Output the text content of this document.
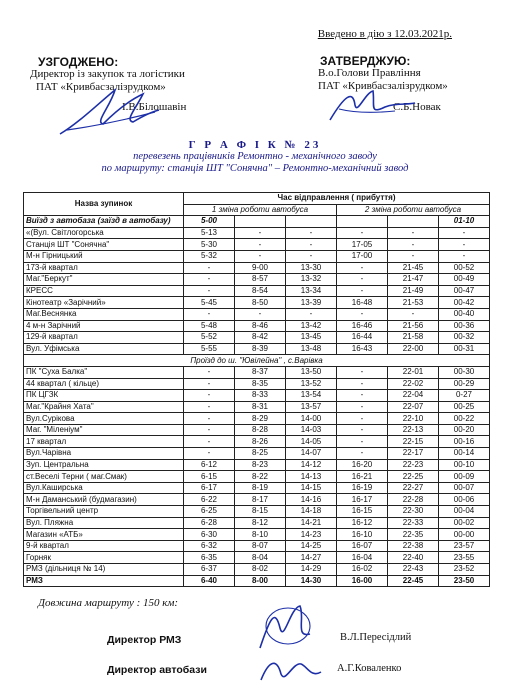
Введено в дію з 12.03.2021р.
УЗГОДЖЕНО:
Директор із закупок та логістики
ПАТ «Кривбасзалізрудком»
І.В.Білошавін
ЗАТВЕРДЖУЮ:
В.о.Голови Правління
ПАТ «Кривбасзалізрудком»
С.Б.Новак
Г Р А Ф І К № 23
перевезень працівників Ремонтно - механічного заводу
по маршруту: станція ШТ "Сонячна" – Ремонтно-механічний завод
Назва зупинок	Час відправлення ( прибуття)					
	1 зміна роботи автобуса			2 зміна роботи автобуса		
Виїзд з автобаза (заїзд в автобазу)	5-00					01-10
«(Вул. Світлогорська	5-13	-	-	-	-	-
Станція ШТ "Сонячна"	5-30	-	-	17-05	-	-
М-н Гірницький	5-32	-	-	17-00	-	-
173-й квартал	-	9-00	13-30	-	21-45	00-52
Маг."Беркут"	-	8-57	13-32	-	21-47	00-49
КРЕСС	-	8-54	13-34	-	21-49	00-47
Кінотеатр «Зарічний»	5-45	8-50	13-39	16-48	21-53	00-42
Маг.Веснянка	-	-	-	-	-	00-40
4 м-н Зарічний	5-48	8-46	13-42	16-46	21-56	00-36
129-й квартал	5-52	8-42	13-45	16-44	21-58	00-32
Вул. Уфімська	5-55	8-39	13-48	16-43	22-00	00-31
Проїзд до ш. "Ювілейна" , с.Варівка						
ПК "Суха Балка"	-	8-37	13-50	-	22-01	00-30
44 квартал ( кільце)	-	8-35	13-52	-	22-02	00-29
ПК ЦГЗК	-	8-33	13-54	-	22-04	0-27
Маг."Крайня Хата"	-	8-31	13-57	-	22-07	00-25
Вул.Сурікова	-	8-29	14-00	-	22-10	00-22
Маг. "Міленіум"	-	8-28	14-03	-	22-13	00-20
17 квартал	-	8-26	14-05	-	22-15	00-16
Вул.Чарівна	-	8-25	14-07	-	22-17	00-14
Зуп. Центральна	6-12	8-23	14-12	16-20	22-23	00-10
ст.Веселі Терни ( маг.Смак)	6-15	8-22	14-13	16-21	22-25	00-09
Вул.Каширська	6-17	8-19	14-15	16-19	22-27	00-07
М-н Даманський (будмагазин)	6-22	8-17	14-16	16-17	22-28	00-06
Торгівельний центр	6-25	8-15	14-18	16-15	22-30	00-04
Вул. Пляжна	6-28	8-12	14-21	16-12	22-33	00-02
Магазин «АТБ»	6-30	8-10	14-23	16-10	22-35	00-00
9-й квартал	6-32	8-07	14-25	16-07	22-38	23-57
Горняк	6-35	8-04	14-27	16-04	22-40	23-55
РМЗ (дільниця № 14)	6-37	8-02	14-29	16-02	22-43	23-52
РМЗ	6-40	8-00	14-30	16-00	22-45	23-50
Довжина маршруту : 150 км:
Директор РМЗ	В.Л.Пересідлий
Директор автобази	А.Г.Коваленко
